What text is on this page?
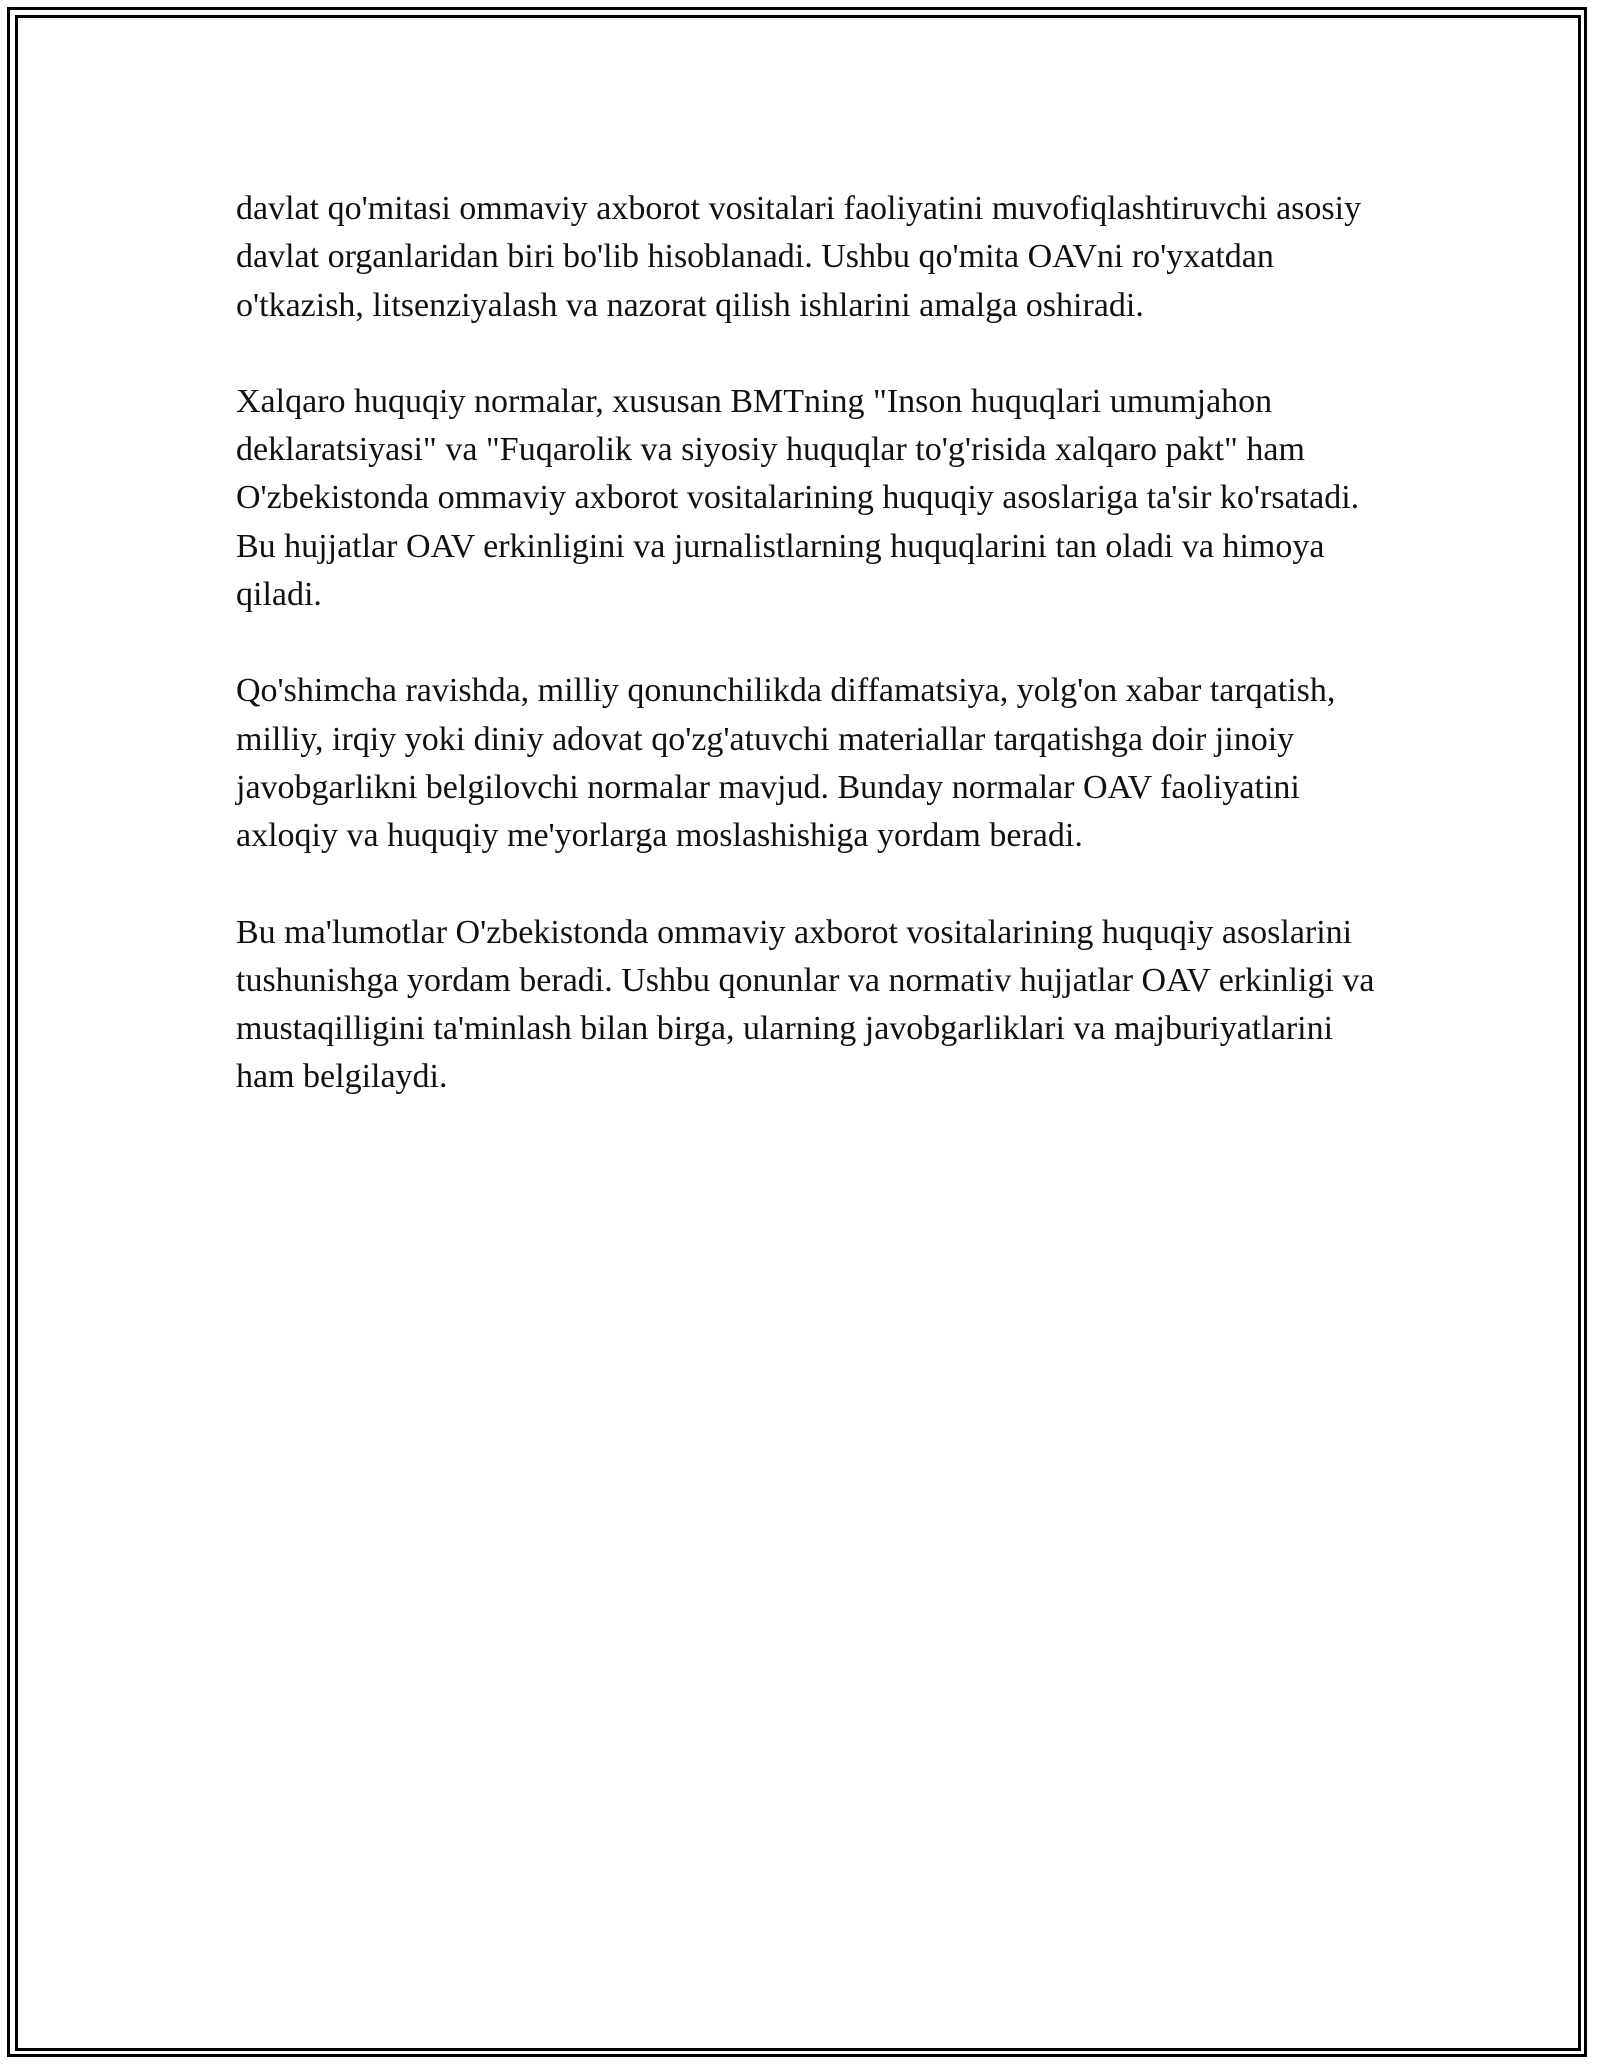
davlat qo'mitasi ommaviy axborot vositalari faoliyatini muvofiqlashtiruvchi asosiy davlat organlaridan biri bo'lib hisoblanadi. Ushbu qo'mita OAVni ro'yxatdan o'tkazish, litsenziyalash va nazorat qilish ishlarini amalga oshiradi.

Xalqaro huquqiy normalar, xususan BMTning "Inson huquqlari umumjahon deklaratsiyasi" va "Fuqarolik va siyosiy huquqlar to'g'risida xalqaro pakt" ham O'zbekistonda ommaviy axborot vositalarining huquqiy asoslariga ta'sir ko'rsatadi. Bu hujjatlar OAV erkinligini va jurnalistlarning huquqlarini tan oladi va himoya qiladi.

Qo'shimcha ravishda, milliy qonunchilikda diffamatsiya, yolg'on xabar tarqatish, milliy, irqiy yoki diniy adovat qo'zg'atuvchi materiallar tarqatishga doir jinoiy javobgarlikni belgilovchi normalar mavjud. Bunday normalar OAV faoliyatini axloqiy va huquqiy me'yorlarga moslashishiga yordam beradi.

Bu ma'lumotlar O'zbekistonda ommaviy axborot vositalarining huquqiy asoslarini tushunishga yordam beradi. Ushbu qonunlar va normativ hujjatlar OAV erkinligi va mustaqilligini ta'minlash bilan birga, ularning javobgarliklari va majburiyatlarini ham belgilaydi.
